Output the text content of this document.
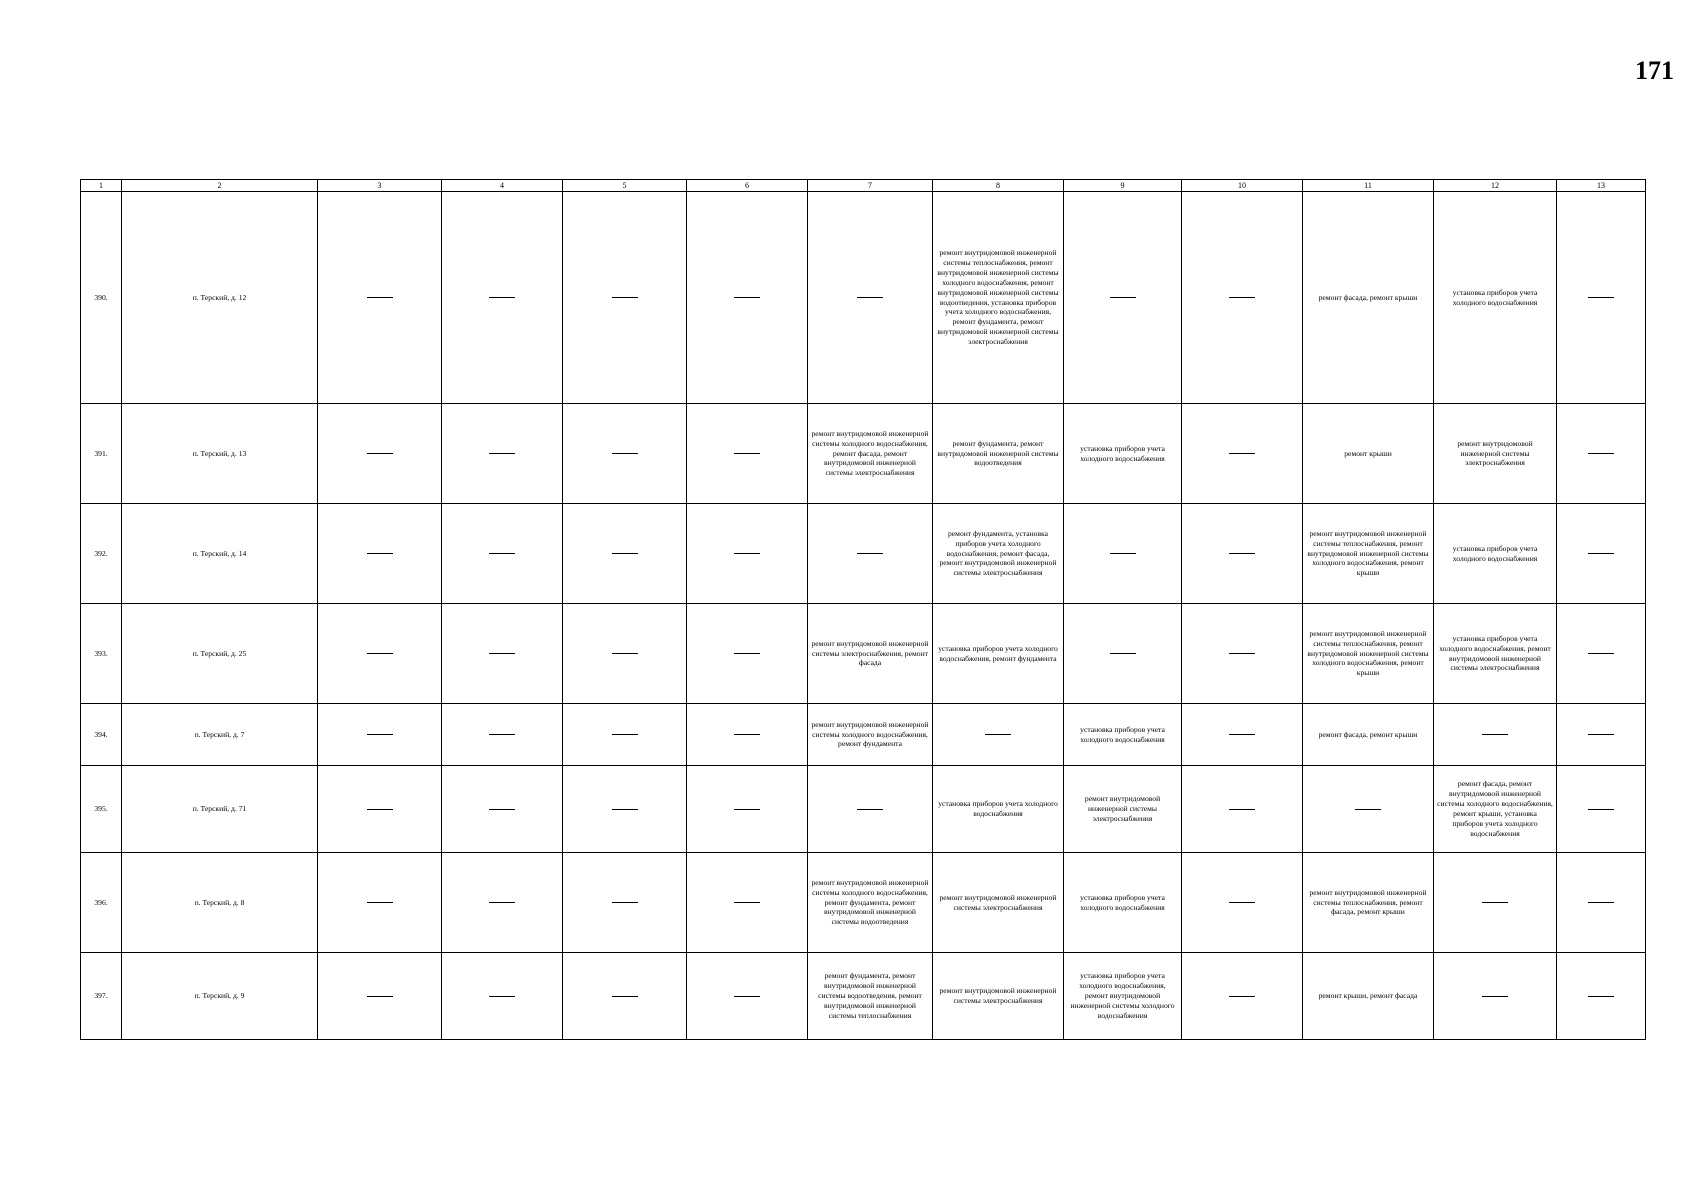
171
1	2	3	4	5	6	7	8	9	10	11	12	13
390.	п. Терский, д. 12						ремонт внутридомовой инженерной системы теплоснабжения, ремонт внутридомовой инженерной системы холодного водоснабжения, ремонт внутридомовой инженерной системы водоотведения, установка приборов учета холодного водоснабжения, ремонт фундамента, ремонт внутридомовой инженерной системы электроснабжения			ремонт фасада, ремонт крыши	установка приборов учета холодного водоснабжения	
391.	п. Терский, д. 13					ремонт внутридомовой инженерной системы холодного водоснабжения, ремонт фасада, ремонт внутридомовой инженерной системы электроснабжения	ремонт фундамента, ремонт внутридомовой инженерной системы водоотведения	установка приборов учета холодного водоснабжения		ремонт крыши	ремонт внутридомовой инженерной системы электроснабжения	
392.	п. Терский, д. 14						ремонт фундамента, установка приборов учета холодного водоснабжения, ремонт фасада, ремонт внутридомовой инженерной системы электроснабжения			ремонт внутридомовой инженерной системы теплоснабжения, ремонт внутридомовой инженерной системы холодного водоснабжения, ремонт крыши	установка приборов учета холодного водоснабжения	
393.	п. Терский, д. 25					ремонт внутридомовой инженерной системы электроснабжения, ремонт фасада	установка приборов учета холодного водоснабжения, ремонт фундамента			ремонт внутридомовой инженерной системы теплоснабжения, ремонт внутридомовой инженерной системы холодного водоснабжения, ремонт крыши	установка приборов учета холодного водоснабжения, ремонт внутридомовой инженерной системы электроснабжения	
394.	п. Терский, д. 7					ремонт внутридомовой инженерной системы холодного водоснабжения, ремонт фундамента		установка приборов учета холодного водоснабжения		ремонт фасада, ремонт крыши		
395.	п. Терский, д. 71						установка приборов учета холодного водоснабжения	ремонт внутридомовой инженерной системы электроснабжения			ремонт фасада, ремонт внутридомовой инженерной системы холодного водоснабжения, ремонт крыши, установка приборов учета холодного водоснабжения	
396.	п. Терский, д. 8					ремонт внутридомовой инженерной системы холодного водоснабжения, ремонт фундамента, ремонт внутридомовой инженерной системы водоотведения	ремонт внутридомовой инженерной системы электроснабжения	установка приборов учета холодного водоснабжения		ремонт внутридомовой инженерной системы теплоснабжения, ремонт фасада, ремонт крыши		
397.	п. Терский, д. 9					ремонт фундамента, ремонт внутридомовой инженерной системы водоотведения, ремонт внутридомовой инженерной системы теплоснабжения	ремонт внутридомовой инженерной системы электроснабжения	установка приборов учета холодного водоснабжения, ремонт внутридомовой инженерной системы холодного водоснабжения		ремонт крыши, ремонт фасада		
